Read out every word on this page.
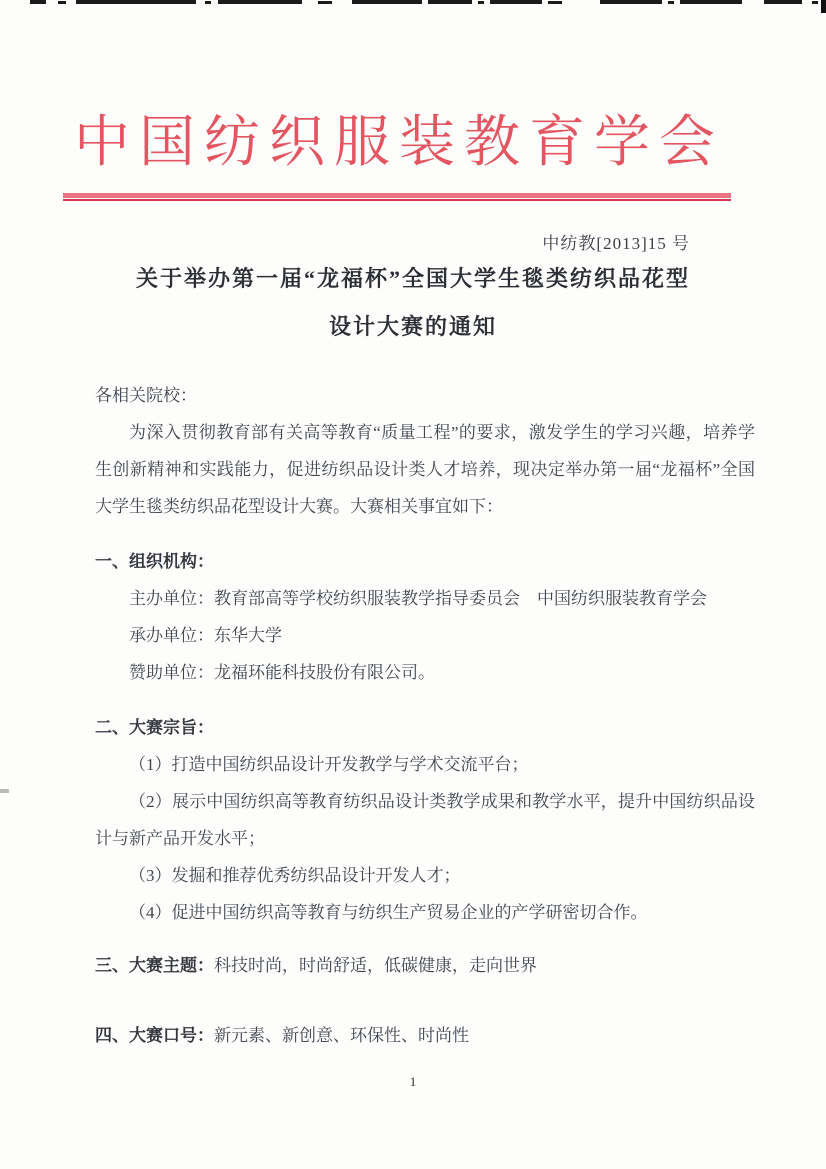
中国纺织服装教育学会
中纺教[2013]15 号
关于举办第一届“龙福杯”全国大学生毯类纺织品花型
设计大赛的通知

各相关院校：

为深入贯彻教育部有关高等教育“质量工程”的要求，激发学生的学习兴趣，培养学生创新精神和实践能力，促进纺织品设计类人才培养，现决定举办第一届“龙福杯”全国大学生毯类纺织品花型设计大赛。大赛相关事宜如下：

一、组织机构：

主办单位：教育部高等学校纺织服装教学指导委员会　中国纺织服装教育学会

承办单位：东华大学

赞助单位：龙福环能科技股份有限公司。

二、大赛宗旨：

（1）打造中国纺织品设计开发教学与学术交流平台；

（2）展示中国纺织高等教育纺织品设计类教学成果和教学水平，提升中国纺织品设计与新产品开发水平；

（3）发掘和推荐优秀纺织品设计开发人才；

（4）促进中国纺织高等教育与纺织生产贸易企业的产学研密切合作。

三、大赛主题：科技时尚，时尚舒适，低碳健康，走向世界

四、大赛口号：新元素、新创意、环保性、时尚性

1
